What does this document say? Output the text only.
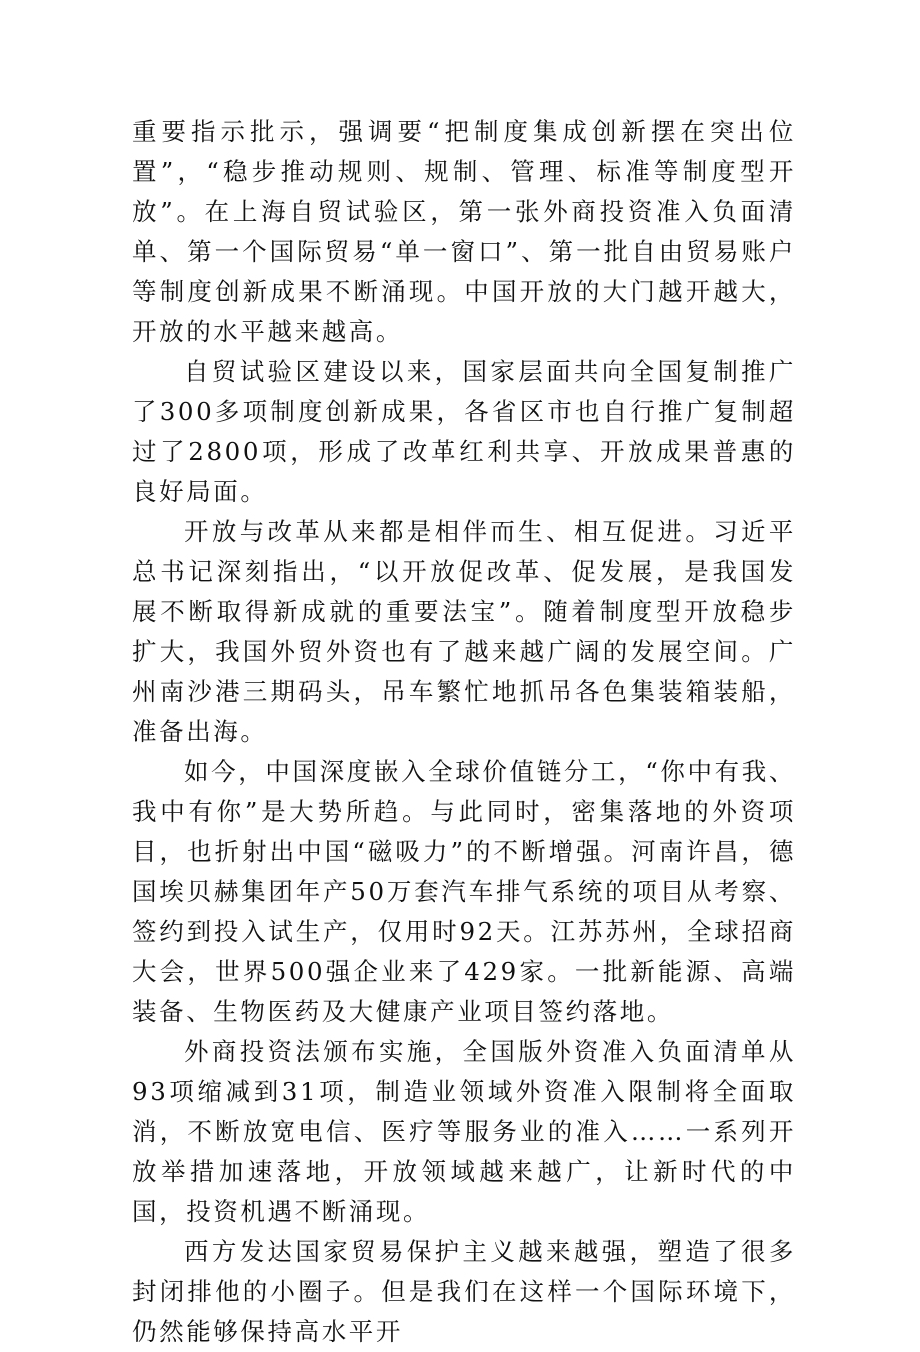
重要指示批示，强调要“把制度集成创新摆在突出位置”，“稳步推动规则、规制、管理、标准等制度型开放”。在上海自贸试验区，第一张外商投资准入负面清单、第一个国际贸易“单一窗口”、第一批自由贸易账户等制度创新成果不断涌现。中国开放的大门越开越大，开放的水平越来越高。

自贸试验区建设以来，国家层面共向全国复制推广了300多项制度创新成果，各省区市也自行推广复制超过了2800项，形成了改革红利共享、开放成果普惠的良好局面。

开放与改革从来都是相伴而生、相互促进。习近平总书记深刻指出，“以开放促改革、促发展，是我国发展不断取得新成就的重要法宝”。随着制度型开放稳步扩大，我国外贸外资也有了越来越广阔的发展空间。广州南沙港三期码头，吊车繁忙地抓吊各色集装箱装船，准备出海。

如今，中国深度嵌入全球价值链分工，“你中有我、我中有你”是大势所趋。与此同时，密集落地的外资项目，也折射出中国“磁吸力”的不断增强。河南许昌，德国埃贝赫集团年产50万套汽车排气系统的项目从考察、签约到投入试生产，仅用时92天。江苏苏州，全球招商大会，世界500强企业来了429家。一批新能源、高端装备、生物医药及大健康产业项目签约落地。

外商投资法颁布实施，全国版外资准入负面清单从93项缩减到31项，制造业领域外资准入限制将全面取消，不断放宽电信、医疗等服务业的准入……一系列开放举措加速落地，开放领域越来越广，让新时代的中国，投资机遇不断涌现。

西方发达国家贸易保护主义越来越强，塑造了很多封闭排他的小圈子。但是我们在这样一个国际环境下，仍然能够保持高水平开
